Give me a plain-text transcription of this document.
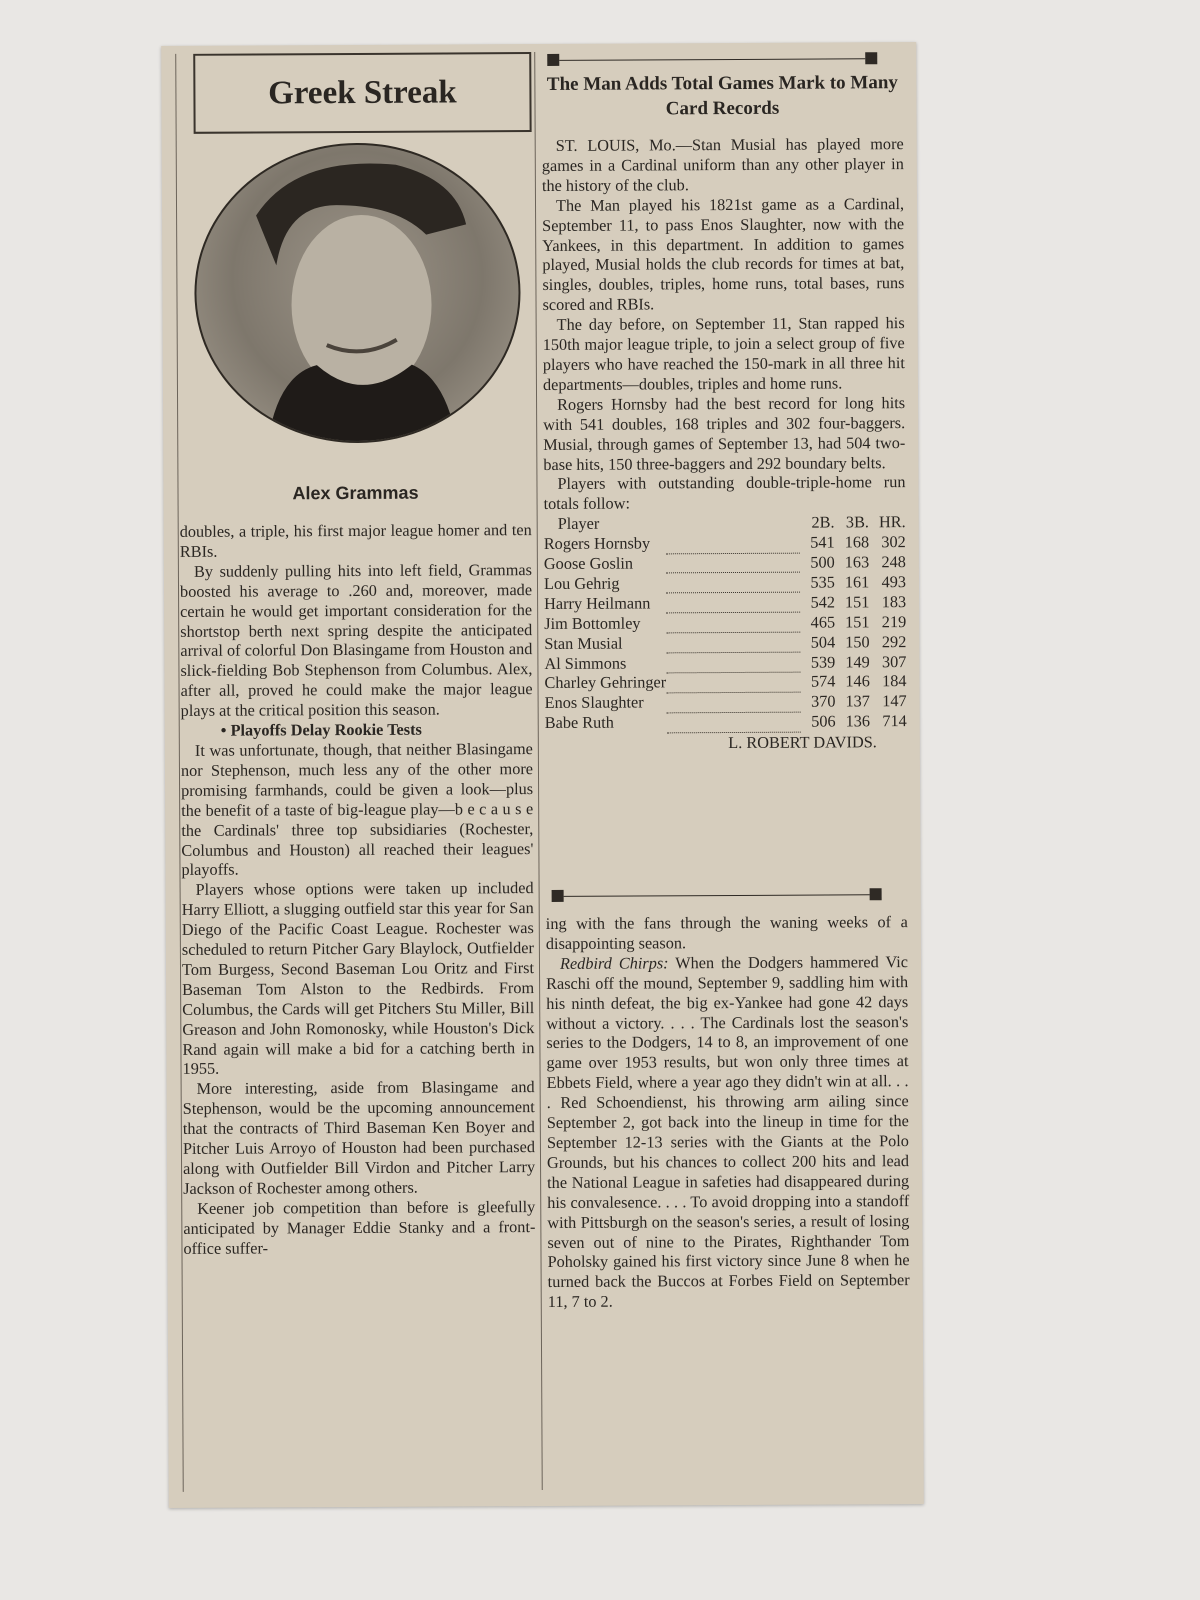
Greek Streak
Alex Grammas

doubles, a triple, his first major league homer and ten RBIs.

By suddenly pulling hits into left field, Grammas boosted his average to .260 and, moreover, made certain he would get important consideration for the shortstop berth next spring despite the anticipated arrival of colorful Don Blasingame from Houston and slick-fielding Bob Stephenson from Columbus. Alex, after all, proved he could make the major league plays at the critical position this season.

• Playoffs Delay Rookie Tests

It was unfortunate, though, that neither Blasingame nor Stephenson, much less any of the other more promising farmhands, could be given a look—plus the benefit of a taste of big-league play—b e c a u s e the Cardinals' three top subsidiaries (Rochester, Columbus and Houston) all reached their leagues' playoffs.

Players whose options were taken up included Harry Elliott, a slugging outfield star this year for San Diego of the Pacific Coast League. Rochester was scheduled to return Pitcher Gary Blaylock, Outfielder Tom Burgess, Second Baseman Lou Oritz and First Baseman Tom Alston to the Redbirds. From Columbus, the Cards will get Pitchers Stu Miller, Bill Greason and John Romonosky, while Houston's Dick Rand again will make a bid for a catching berth in 1955.

More interesting, aside from Blasingame and Stephenson, would be the upcoming announcement that the contracts of Third Baseman Ken Boyer and Pitcher Luis Arroyo of Houston had been purchased along with Outfielder Bill Virdon and Pitcher Larry Jackson of Rochester among others.

Keener job competition than before is gleefully anticipated by Manager Eddie Stanky and a front-office suffer-

The Man Adds Total Games Mark to Many Card Records

ST. LOUIS, Mo.—Stan Musial has played more games in a Cardinal uniform than any other player in the history of the club.

The Man played his 1821st game as a Cardinal, September 11, to pass Enos Slaughter, now with the Yankees, in this department. In addition to games played, Musial holds the club records for times at bat, singles, doubles, triples, home runs, total bases, runs scored and RBIs.

The day before, on September 11, Stan rapped his 150th major league triple, to join a select group of five players who have reached the 150-mark in all three hit departments—doubles, triples and home runs.

Rogers Hornsby had the best record for long hits with 541 doubles, 168 triples and 302 four-baggers. Musial, through games of September 13, had 504 two-base hits, 150 three-baggers and 292 boundary belts.

Players with outstanding double-triple-home run totals follow:

Player		2B.	3B.	HR.
Rogers Hornsby		541	168	302
Goose Goslin		500	163	248
Lou Gehrig		535	161	493
Harry Heilmann		542	151	183
Jim Bottomley		465	151	219
Stan Musial		504	150	292
Al Simmons		539	149	307
Charley Gehringer		574	146	184
Enos Slaughter		370	137	147
Babe Ruth		506	136	714
L. ROBERT DAVIDS.

ing with the fans through the waning weeks of a disappointing season.

Redbird Chirps: When the Dodgers hammered Vic Raschi off the mound, September 9, saddling him with his ninth defeat, the big ex-Yankee had gone 42 days without a victory. . . . The Cardinals lost the season's series to the Dodgers, 14 to 8, an improvement of one game over 1953 results, but won only three times at Ebbets Field, where a year ago they didn't win at all. . . . Red Schoendienst, his throwing arm ailing since September 2, got back into the lineup in time for the September 12-13 series with the Giants at the Polo Grounds, but his chances to collect 200 hits and lead the National League in safeties had disappeared during his convalesence. . . . To avoid dropping into a standoff with Pittsburgh on the season's series, a result of losing seven out of nine to the Pirates, Righthander Tom Poholsky gained his first victory since June 8 when he turned back the Buccos at Forbes Field on September 11, 7 to 2.
